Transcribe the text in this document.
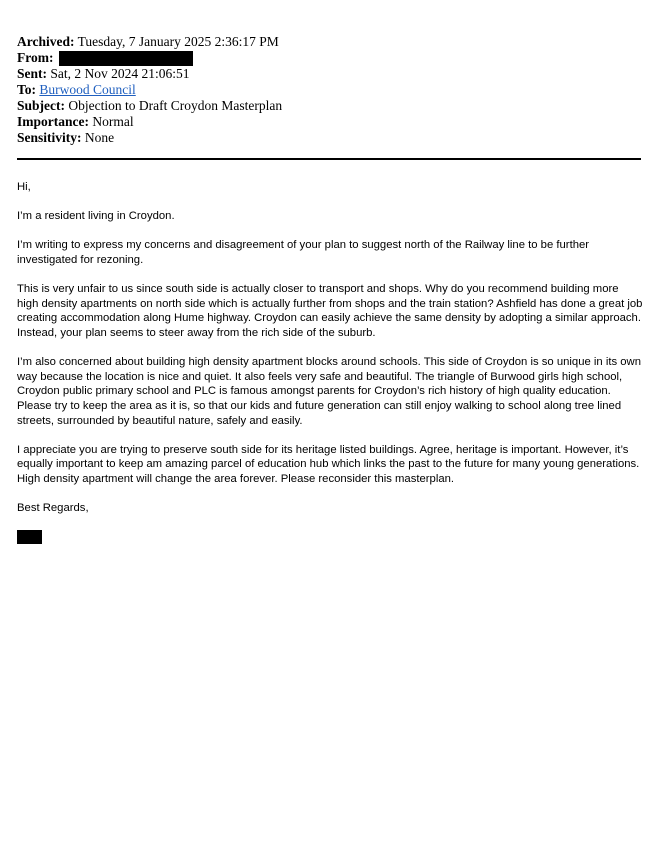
Archived: Tuesday, 7 January 2025 2:36:17 PM
From:
Sent: Sat, 2 Nov 2024 21:06:51
To: Burwood Council
Subject: Objection to Draft Croydon Masterplan
Importance: Normal
Sensitivity: None

Hi,

I’m a resident living in Croydon.

I’m writing to express my concerns and disagreement of your plan to suggest north of the Railway line to be further investigated for rezoning.

This is very unfair to us since south side is actually closer to transport and shops. Why do you recommend building more high density apartments on north side which is actually further from shops and the train station? Ashfield has done a great job creating accommodation along Hume highway. Croydon can easily achieve the same density by adopting a similar approach. Instead, your plan seems to steer away from the rich side of the suburb.

I’m also concerned about building high density apartment blocks around schools. This side of Croydon is so unique in its own way because the location is nice and quiet. It also feels very safe and beautiful. The triangle of Burwood girls high school, Croydon public primary school and PLC is famous amongst parents for Croydon’s rich history of high quality education. Please try to keep the area as it is, so that our kids and future generation can still enjoy walking to school along tree lined streets, surrounded by beautiful nature, safely and easily.

I appreciate you are trying to preserve south side for its heritage listed buildings. Agree, heritage is important. However, it’s equally important to keep am amazing parcel of education hub which links the past to the future for many young generations. High density apartment will change the area forever. Please reconsider this masterplan.

Best Regards,
